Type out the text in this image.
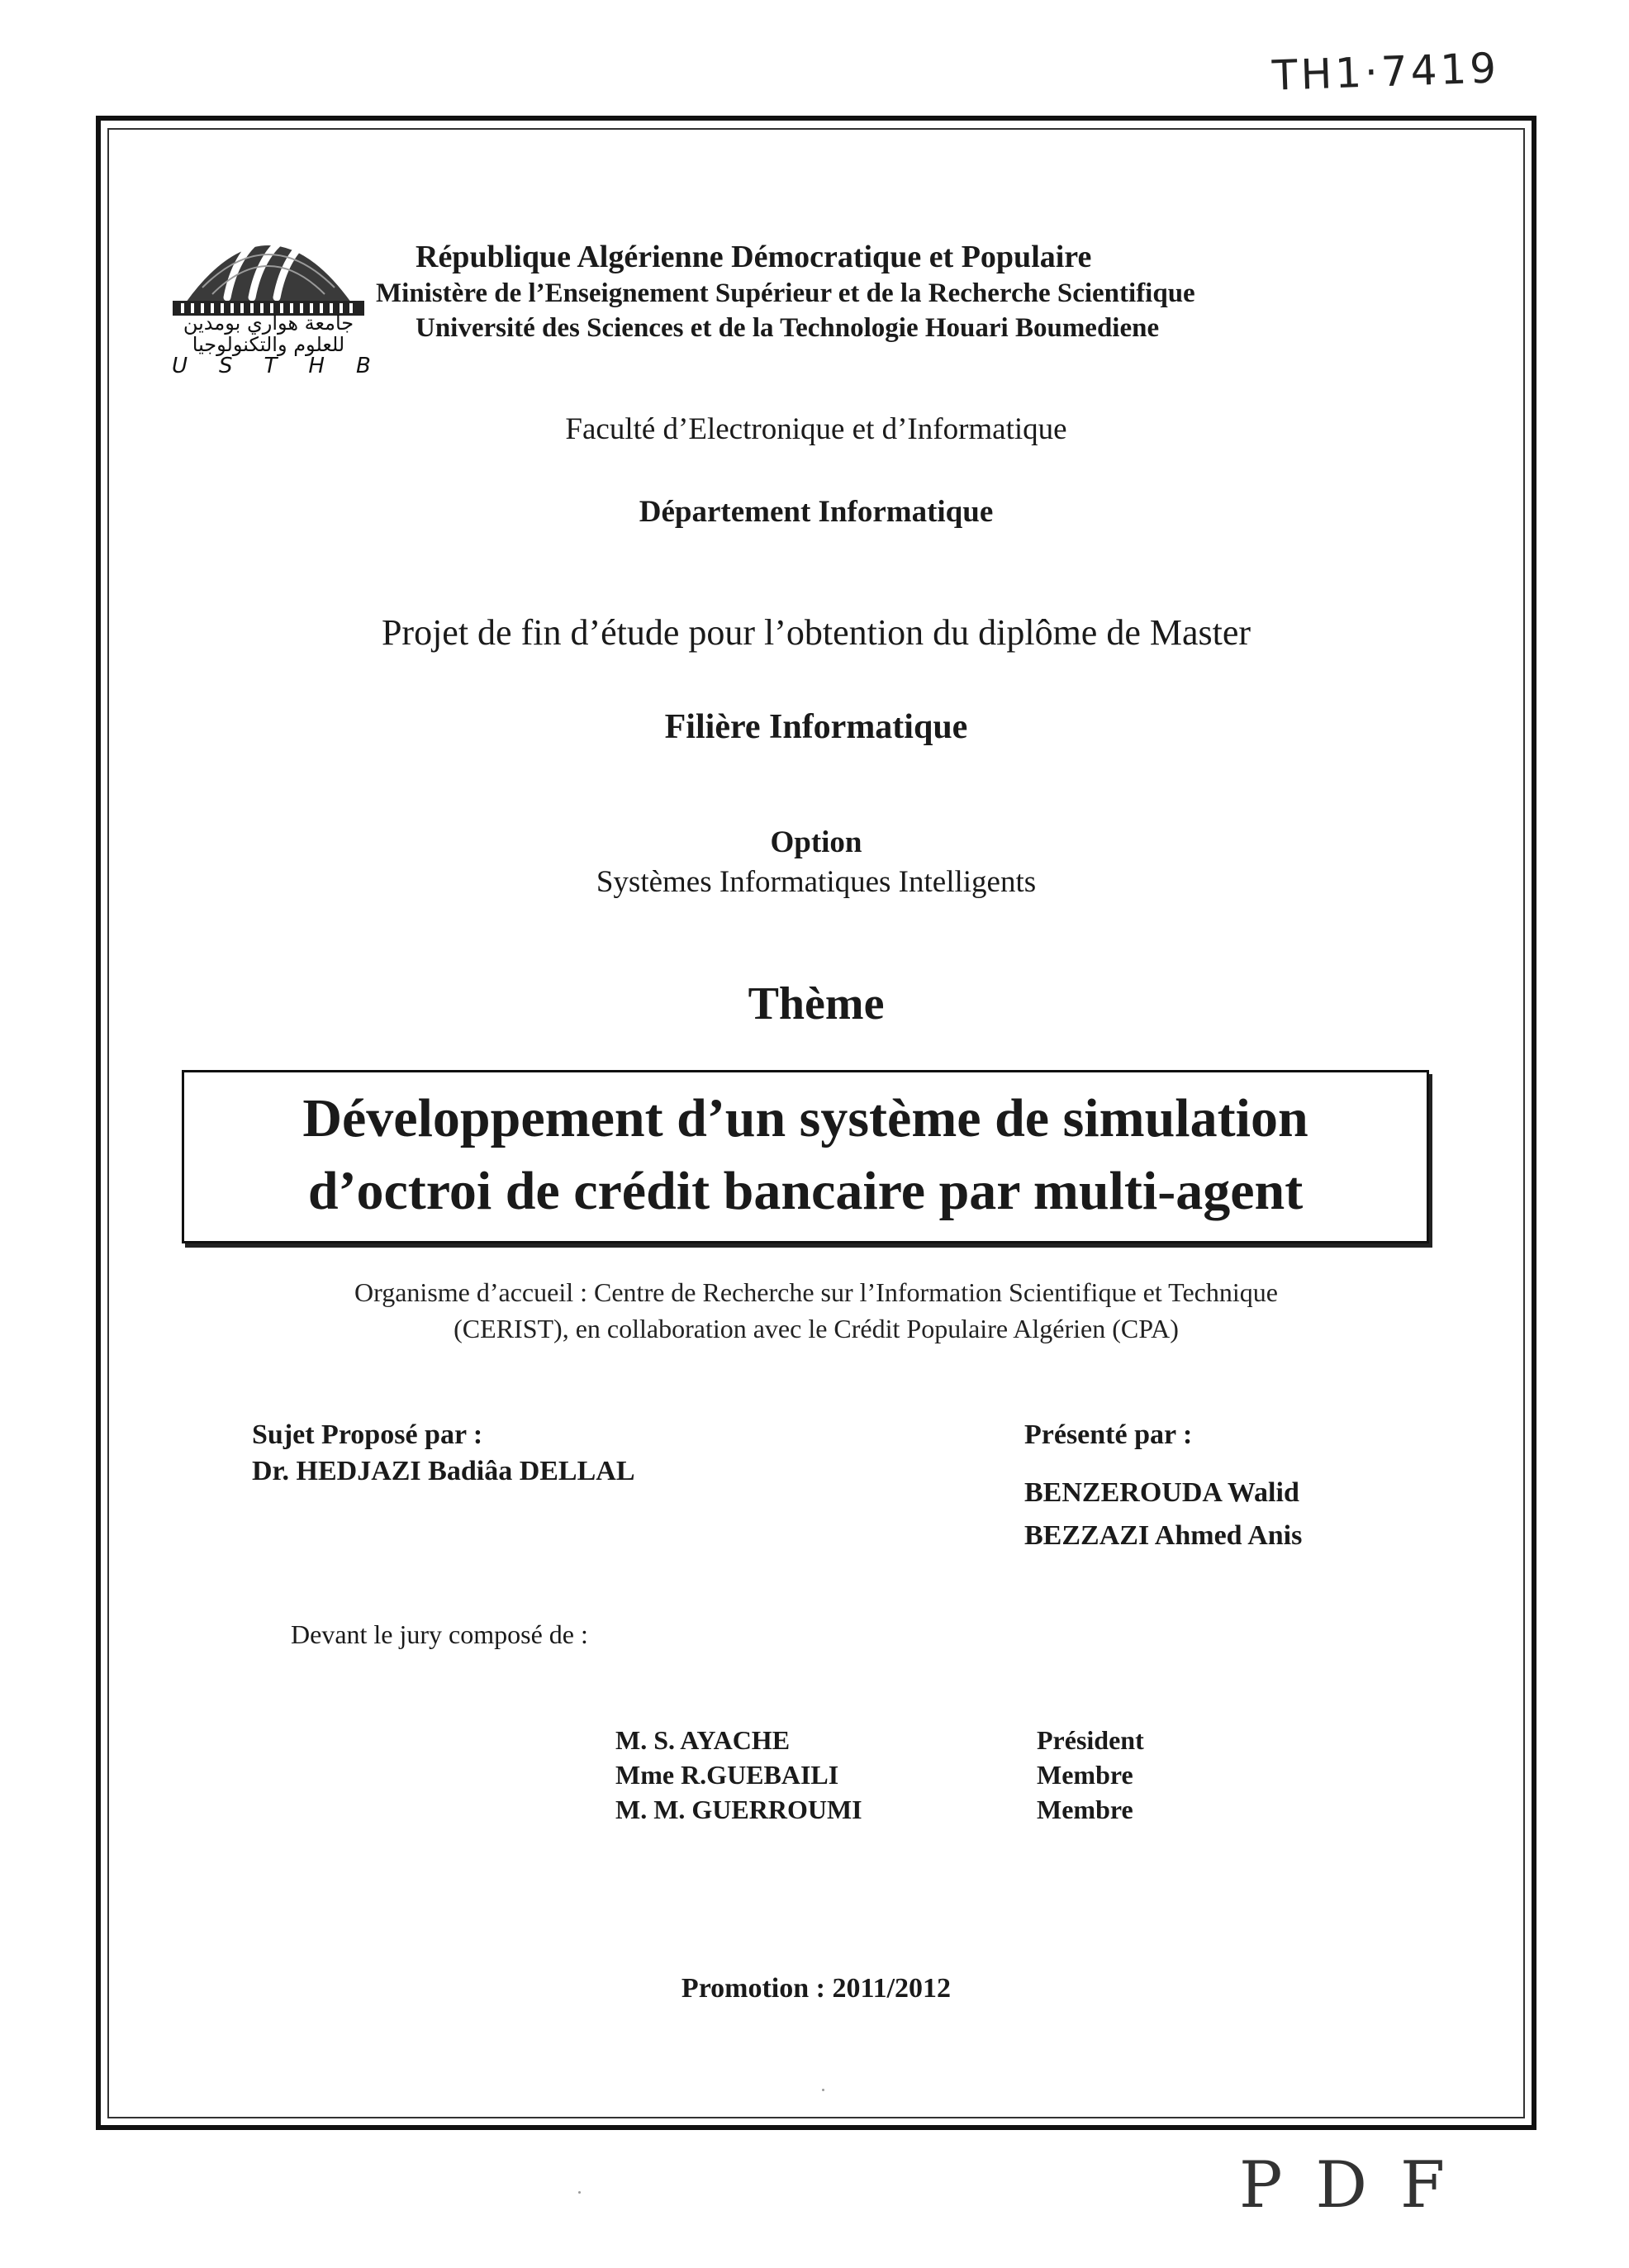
TH1·7419
PDF
جامعة هواري بومدين للعلوم والتكنولوجيا
USTHB
République Algérienne Démocratique et Populaire
Ministère de l’Enseignement Supérieur et de la Recherche Scientifique
Université des Sciences et de la Technologie Houari Boumediene
Faculté d’Electronique et d’Informatique
Département Informatique
Projet de fin d’étude pour l’obtention du diplôme de Master
Filière Informatique
Option
Systèmes Informatiques Intelligents
Thème
Développement d’un système de simulation
d’octroi de crédit bancaire par multi-agent
Organisme d’accueil : Centre de Recherche sur l’Information Scientifique et Technique
(CERIST), en collaboration avec le Crédit Populaire Algérien (CPA)
Sujet Proposé par :
Dr. HEDJAZI Badiâa DELLAL
Présenté par :
BENZEROUDA Walid
BEZZAZI Ahmed Anis
Devant le jury composé de :
M. S. AYACHE	Président
Mme R.GUEBAILI	Membre
M. M. GUERROUMI	Membre
Promotion : 2011/2012
